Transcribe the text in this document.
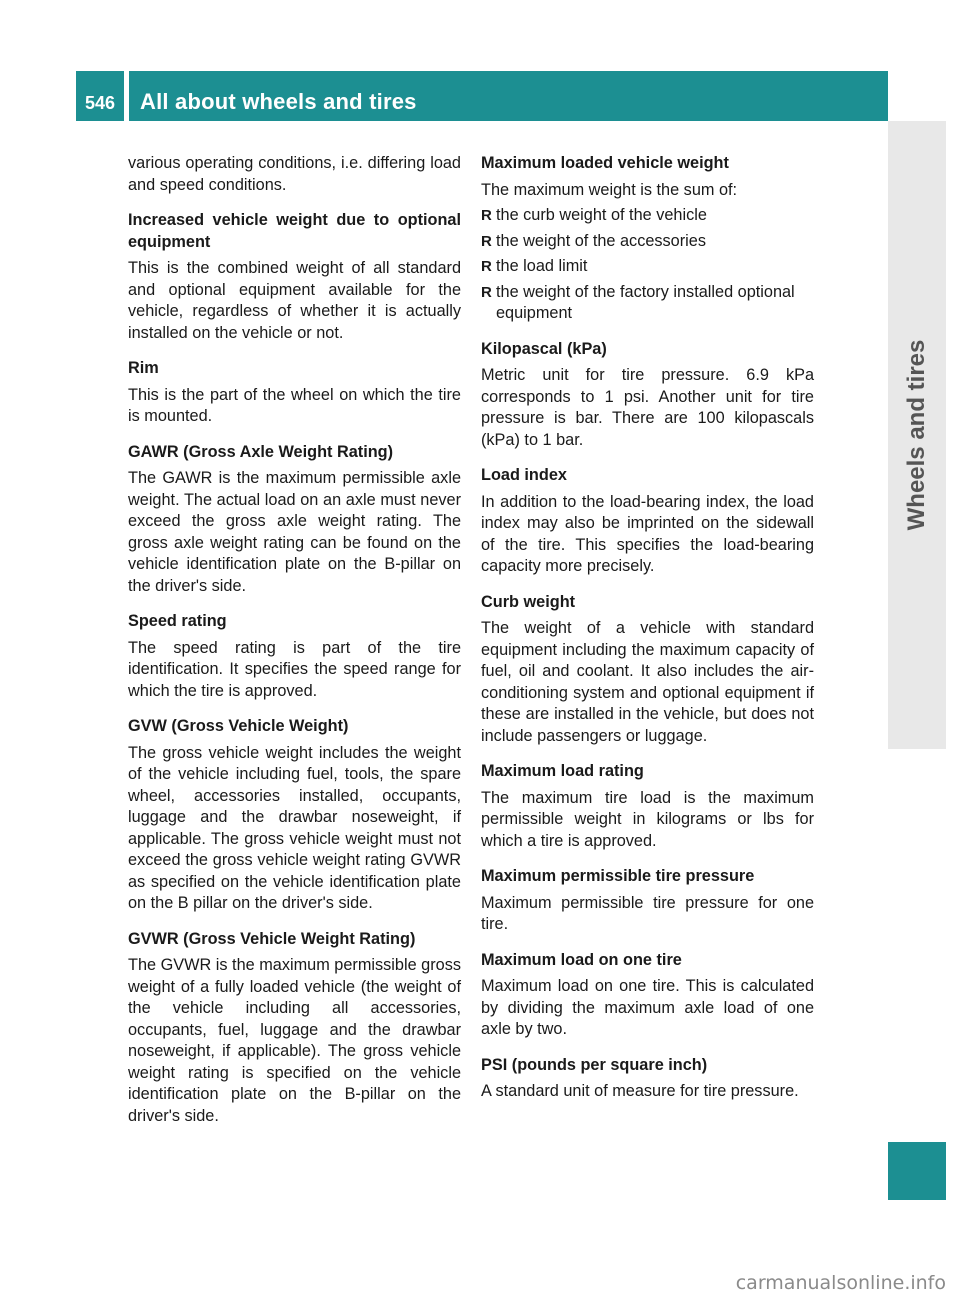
546	All about wheels and tires
Wheels and tires
various operating conditions, i.e. differing load and speed conditions.
Increased vehicle weight due to optional equipment
This is the combined weight of all standard and optional equipment available for the vehicle, regardless of whether it is actually installed on the vehicle or not.
Rim
This is the part of the wheel on which the tire is mounted.
GAWR (Gross Axle Weight Rating)
The GAWR is the maximum permissible axle weight. The actual load on an axle must never exceed the gross axle weight rating. The gross axle weight rating can be found on the vehicle identification plate on the B-pillar on the driver's side.
Speed rating
The speed rating is part of the tire identification. It specifies the speed range for which the tire is approved.
GVW (Gross Vehicle Weight)
The gross vehicle weight includes the weight of the vehicle including fuel, tools, the spare wheel, accessories installed, occupants, luggage and the drawbar noseweight, if applicable. The gross vehicle weight must not exceed the gross vehicle weight rating GVWR as specified on the vehicle identification plate on the B pillar on the driver's side.
GVWR (Gross Vehicle Weight Rating)
The GVWR is the maximum permissible gross weight of a fully loaded vehicle (the weight of the vehicle including all accessories, occupants, fuel, luggage and the drawbar noseweight, if applicable). The gross vehicle weight rating is specified on the vehicle identification plate on the B-pillar on the driver's side.
Maximum loaded vehicle weight
The maximum weight is the sum of:
R the curb weight of the vehicle
R the weight of the accessories
R the load limit
R the weight of the factory installed optional equipment
Kilopascal (kPa)
Metric unit for tire pressure. 6.9 kPa corresponds to 1 psi. Another unit for tire pressure is bar. There are 100 kilopascals (kPa) to 1 bar.
Load index
In addition to the load-bearing index, the load index may also be imprinted on the sidewall of the tire. This specifies the load-bearing capacity more precisely.
Curb weight
The weight of a vehicle with standard equipment including the maximum capacity of fuel, oil and coolant. It also includes the air-conditioning system and optional equipment if these are installed in the vehicle, but does not include passengers or luggage.
Maximum load rating
The maximum tire load is the maximum permissible weight in kilograms or lbs for which a tire is approved.
Maximum permissible tire pressure
Maximum permissible tire pressure for one tire.
Maximum load on one tire
Maximum load on one tire. This is calculated by dividing the maximum axle load of one axle by two.
PSI (pounds per square inch)
A standard unit of measure for tire pressure.
carmanualsonline.info
